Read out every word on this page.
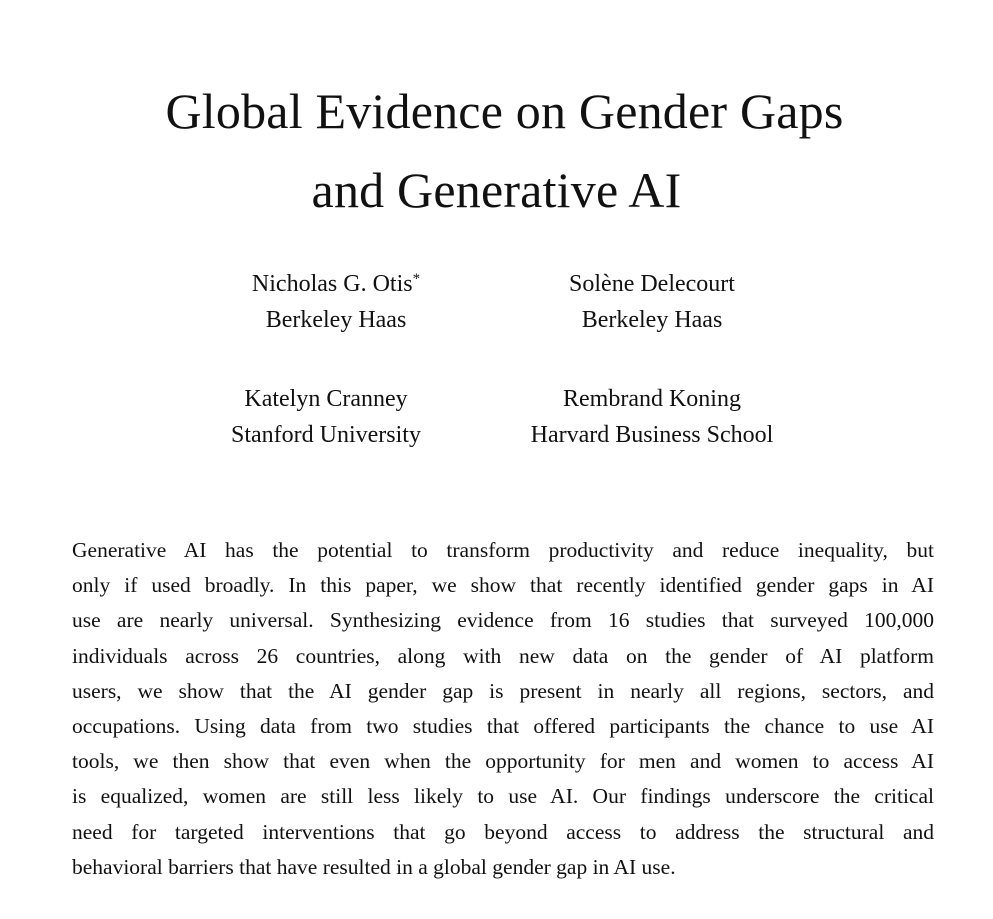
Global Evidence on Gender Gaps
and Generative AI
Nicholas G. Otis*
Berkeley Haas
Solène Delecourt
Berkeley Haas
Katelyn Cranney
Stanford University
Rembrand Koning
Harvard Business School
Generative AI has the potential to transform productivity and reduce inequality, but
only if used broadly. In this paper, we show that recently identified gender gaps in AI
use are nearly universal. Synthesizing evidence from 16 studies that surveyed 100,000
individuals across 26 countries, along with new data on the gender of AI platform
users, we show that the AI gender gap is present in nearly all regions, sectors, and
occupations. Using data from two studies that offered participants the chance to use AI
tools, we then show that even when the opportunity for men and women to access AI
is equalized, women are still less likely to use AI. Our findings underscore the critical
need for targeted interventions that go beyond access to address the structural and
behavioral barriers that have resulted in a global gender gap in AI use.
